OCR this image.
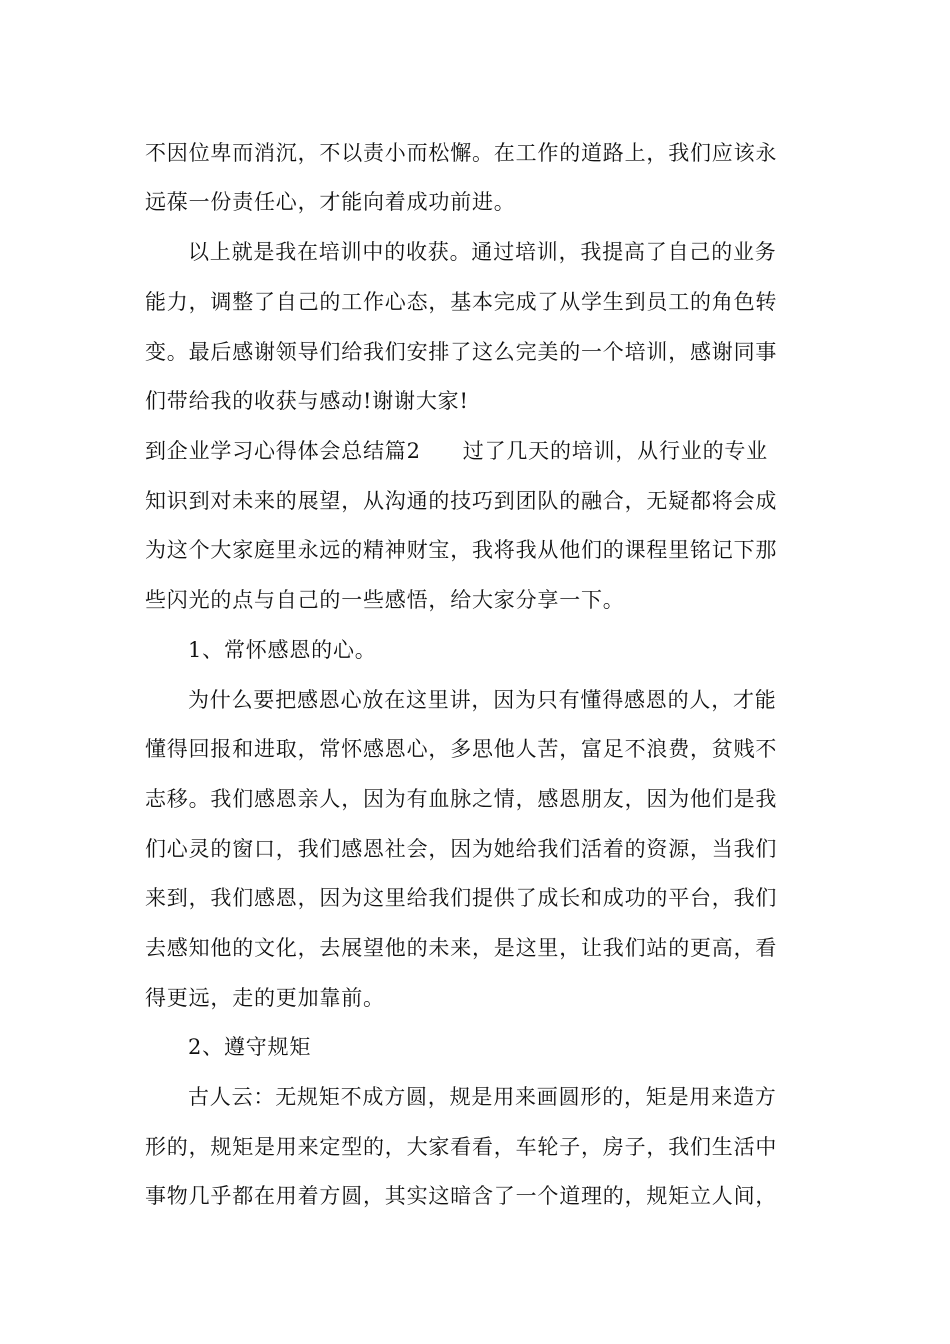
不因位卑而消沉，不以责小而松懈。在工作的道路上，我们应该永
远葆一份责任心，才能向着成功前进。
以上就是我在培训中的收获。通过培训，我提高了自己的业务
能力，调整了自己的工作心态，基本完成了从学生到员工的角色转
变。最后感谢领导们给我们安排了这么完美的一个培训，感谢同事
们带给我的收获与感动!谢谢大家!
到企业学习心得体会总结篇2 过了几天的培训，从行业的专业
知识到对未来的展望，从沟通的技巧到团队的融合，无疑都将会成
为这个大家庭里永远的精神财宝，我将我从他们的课程里铭记下那
些闪光的点与自己的一些感悟，给大家分享一下。
1、常怀感恩的心。
为什么要把感恩心放在这里讲，因为只有懂得感恩的人，才能
懂得回报和进取，常怀感恩心，多思他人苦，富足不浪费，贫贱不
志移。我们感恩亲人，因为有血脉之情，感恩朋友，因为他们是我
们心灵的窗口，我们感恩社会，因为她给我们活着的资源，当我们
来到，我们感恩，因为这里给我们提供了成长和成功的平台，我们
去感知他的文化，去展望他的未来，是这里，让我们站的更高，看
得更远，走的更加靠前。
2、遵守规矩
古人云：无规矩不成方圆，规是用来画圆形的，矩是用来造方
形的，规矩是用来定型的，大家看看，车轮子，房子，我们生活中
事物几乎都在用着方圆，其实这暗含了一个道理的，规矩立人间，
